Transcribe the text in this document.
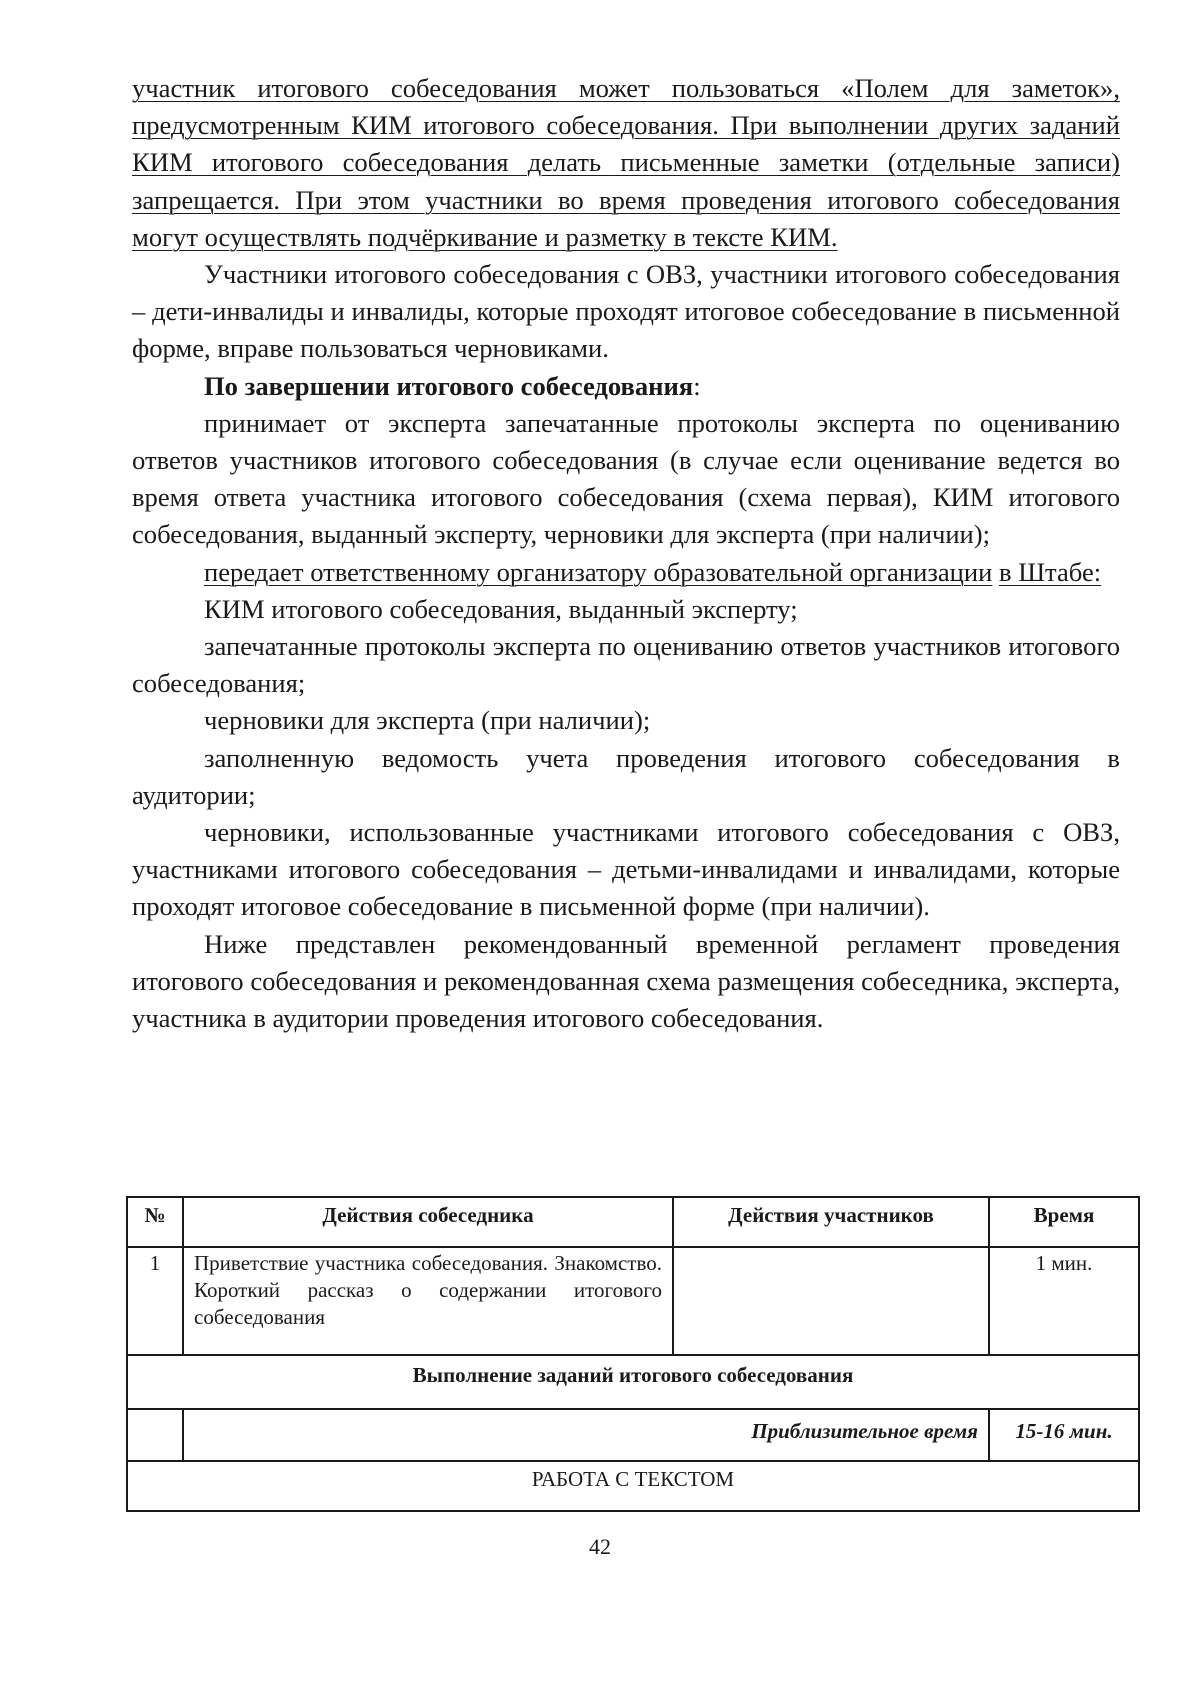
участник итогового собеседования может пользоваться «Полем для заметок», предусмотренным КИМ итогового собеседования. При выполнении других заданий КИМ итогового собеседования делать письменные заметки (отдельные записи) запрещается. При этом участники во время проведения итогового собеседования могут осуществлять подчёркивание и разметку в тексте КИМ.

Участники итогового собеседования с ОВЗ, участники итогового собеседования – дети-инвалиды и инвалиды, которые проходят итоговое собеседование в письменной форме, вправе пользоваться черновиками.

По завершении итогового собеседования:

принимает от эксперта запечатанные протоколы эксперта по оцениванию ответов участников итогового собеседования (в случае если оценивание ведется во время ответа участника итогового собеседования (схема первая), КИМ итогового собеседования, выданный эксперту, черновики для эксперта (при наличии);

передает ответственному организатору образовательной организации в Штабе:

КИМ итогового собеседования, выданный эксперту;

запечатанные протоколы эксперта по оцениванию ответов участников итогового собеседования;

черновики для эксперта (при наличии);

заполненную ведомость учета проведения итогового собеседования в аудитории;

черновики, использованные участниками итогового собеседования с ОВЗ, участниками итогового собеседования – детьми-инвалидами и инвалидами, которые проходят итоговое собеседование в письменной форме (при наличии).

Ниже представлен рекомендованный временной регламент проведения итогового собеседования и рекомендованная схема размещения собеседника, эксперта, участника в аудитории проведения итогового собеседования.

№	Действия собеседника	Действия участников	Время
1	Приветствие участника собеседования. Знакомство. Короткий рассказ о содержании итогового собеседования		1 мин.
Выполнение заданий итогового собеседования			
	Приблизительное время		15-16 мин.
РАБОТА С ТЕКСТОМ			
42
